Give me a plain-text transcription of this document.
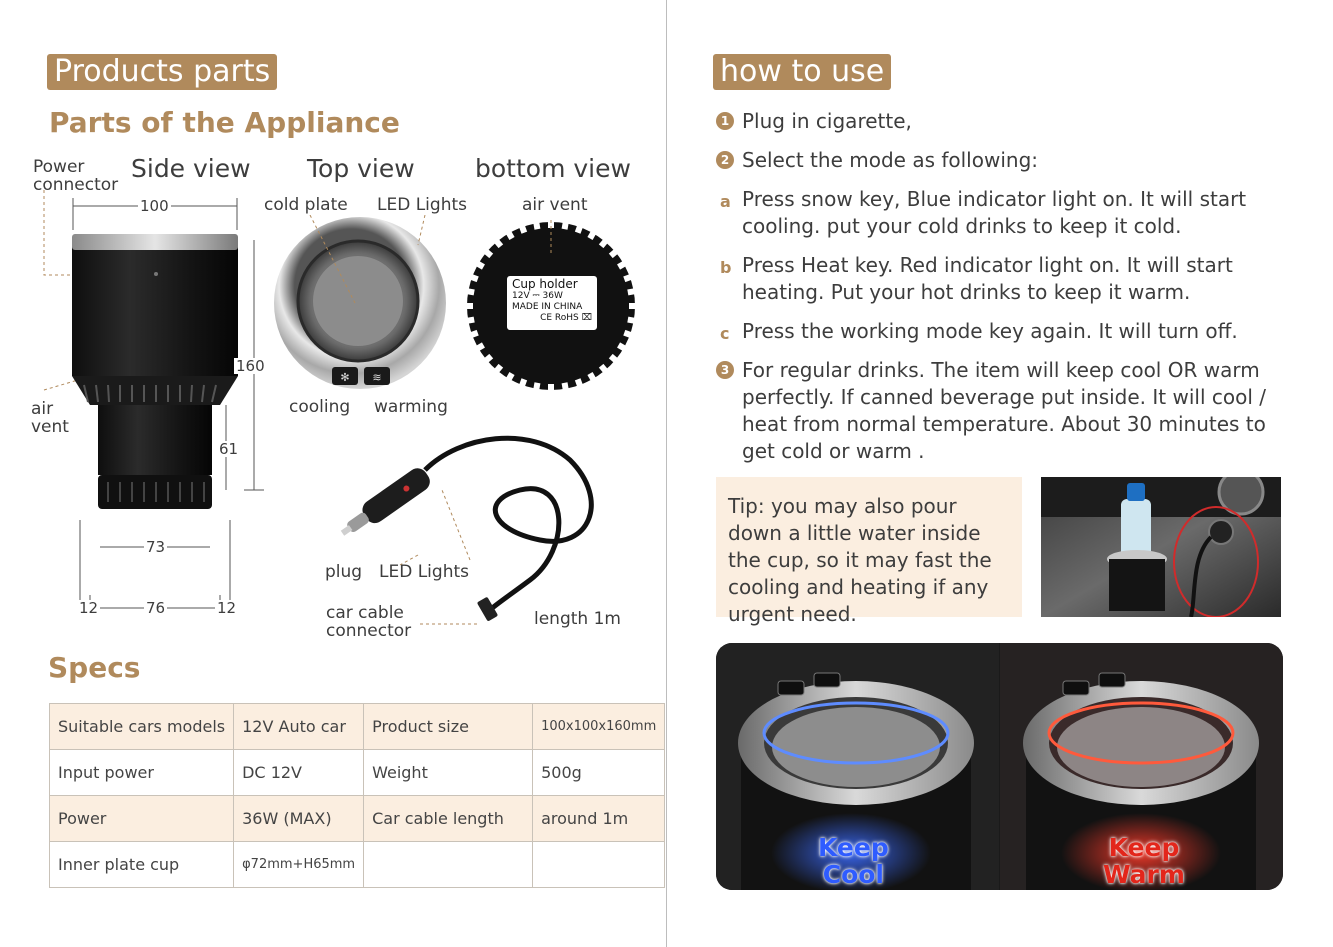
Products parts
Parts of the Appliance
Side view Top view bottom view
Power
connector
air
vent
cold plate LED Lights	air vent
cooling warming
plug LED Lights
car cable
connector
length 1m
100
160
61
73
76
12	12
✻ ≋
Cup holder
12V ⎓ 36W
MADE IN CHINA
CE RoHS ⌧
Specs
Suitable cars models	12V Auto car	Product size	100x100x160mm
Input power	DC 12V	Weight	500g
Power	36W (MAX)	Car cable length	around 1m
Inner plate cup	φ72mm+H65mm		
how to use
1 Plug in cigarette,
2 Select the mode as following:
a Press snow key, Blue indicator light on. It will start cooling. put your cold drinks to keep it cold.
b Press Heat key. Red indicator light on. It will start heating. Put your hot drinks to keep it warm.
c Press the working mode key again. It will turn off.
3 For regular drinks. The item will keep cool OR warm perfectly. If canned beverage put inside. It will cool / heat from normal temperature. About 30 minutes to get cold or warm .
Tip: you may also pour down a little water inside the cup, so it may fast the cooling and heating if any urgent need.
Keep
Cool
Keep
Warm
